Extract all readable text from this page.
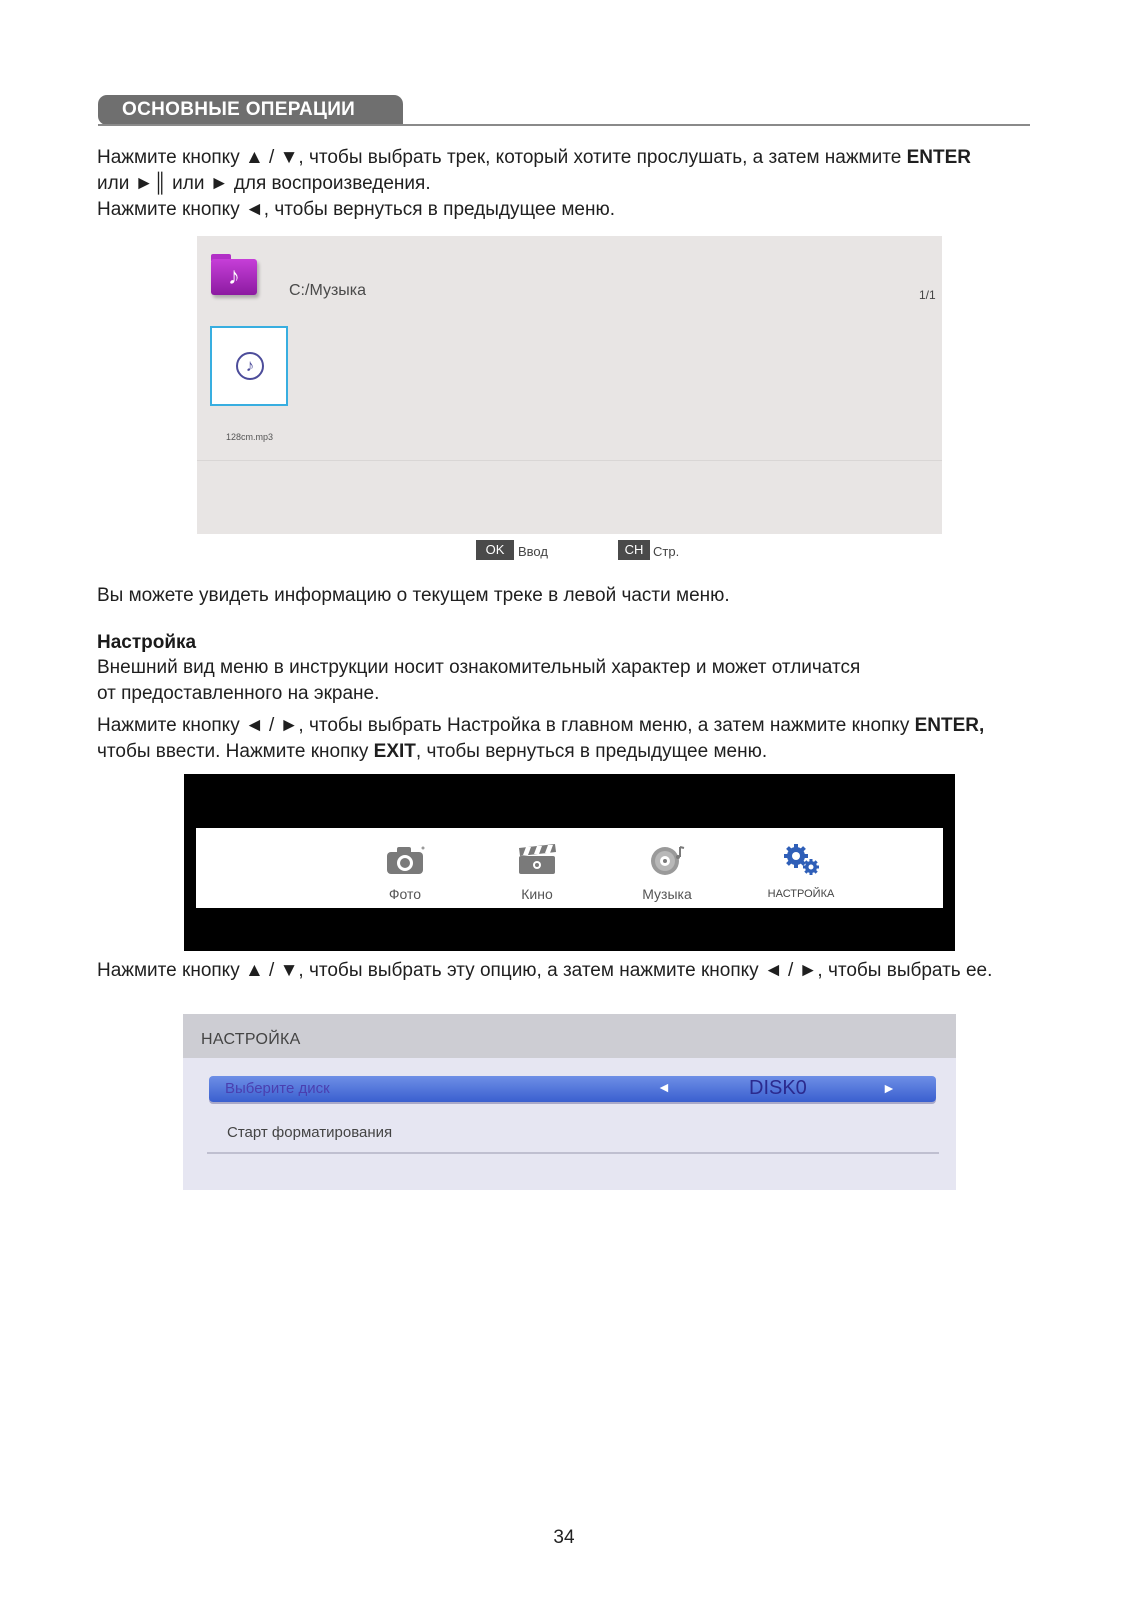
ОСНОВНЫЕ ОПЕРАЦИИ
Нажмите кнопку ▲ / ▼, чтобы выбрать трек, который хотите прослушать, а затем нажмите ENTER
или ►║ или ► для воспроизведения.
Нажмите кнопку ◄, чтобы вернуться в предыдущее меню.
♪
C:/Музыка	1/1
♪
128cm.mp3
OK	Ввод	CH Стр.
Вы можете увидеть информацию о текущем треке в левой части меню.
Настройка
Внешний вид меню в инструкции носит ознакомительный характер и может отличатся
от предоставленного на экране.
Нажмите кнопку ◄ / ►, чтобы выбрать Настройка в главном меню, а затем нажмите кнопку ENTER,
чтобы ввести. Нажмите кнопку EXIT, чтобы вернуться в предыдущее меню.
Фото	Кино	Музыка	НАСТРОЙКА
Нажмите кнопку ▲ / ▼, чтобы выбрать эту опцию, а затем нажмите кнопку ◄ / ►, чтобы выбрать ее.
НАСТРОЙКА
Выберите диск	◄	DISK0	►
Старт форматирования
34
